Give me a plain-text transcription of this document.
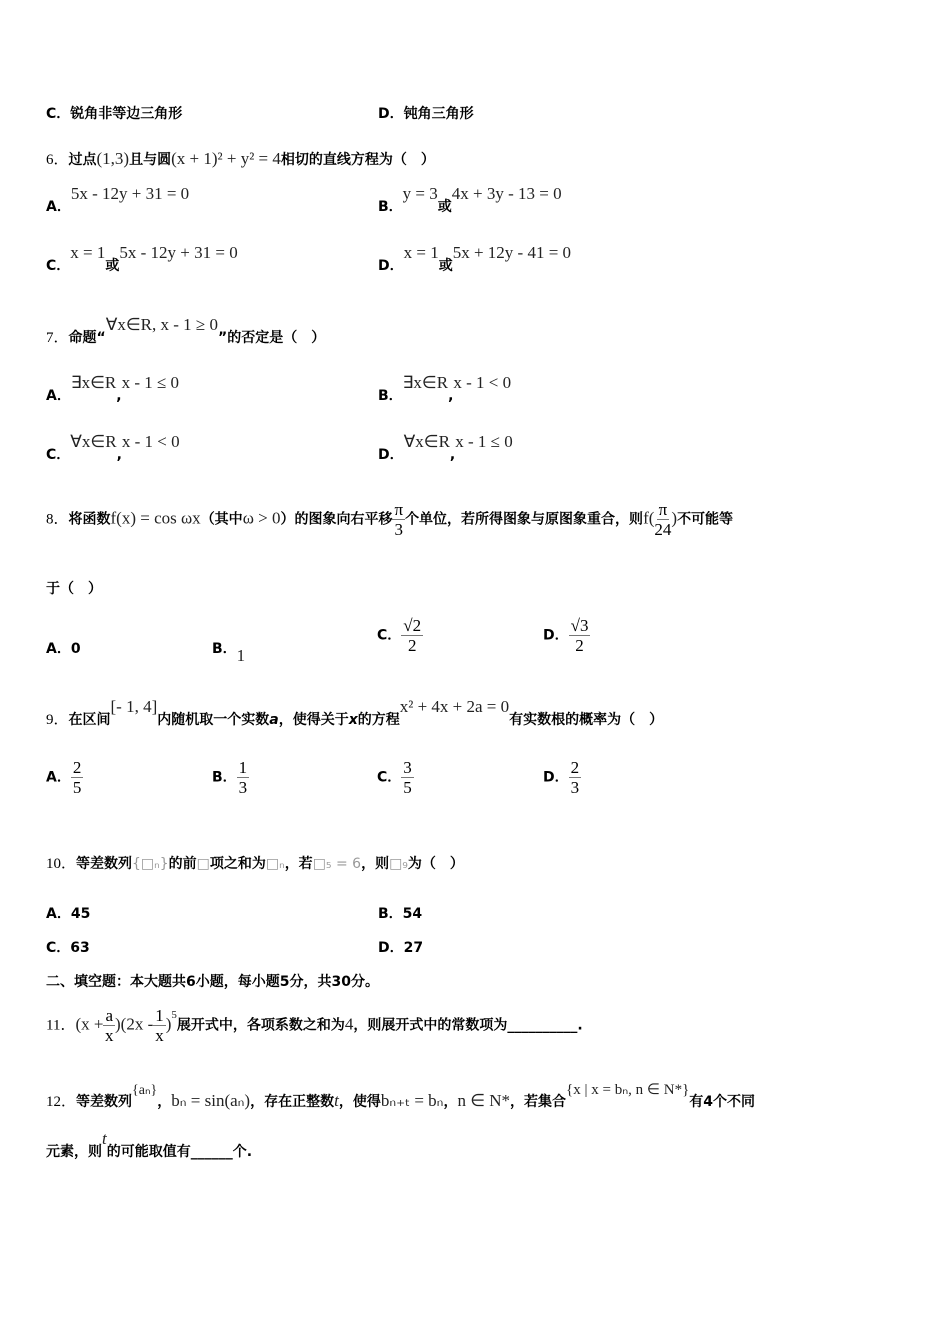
C．锐角非等边三角形	D．钝角三角形
6．过点(1,3)且与圆(x + 1)² + y² = 4相切的直线方程为（　）
A．5x - 12y + 31 = 0
B．y = 3或4x + 3y - 13 = 0
C．x = 1或5x - 12y + 31 = 0
D．x = 1或5x + 12y - 41 = 0
7．命题“∀x∈R, x - 1 ≥ 0”的否定是（　）
A．∃x∈R,x - 1 ≤ 0
B．∃x∈R,x - 1 < 0
C．∀x∈R,x - 1 < 0
D．∀x∈R,x - 1 ≤ 0
8．将函数f(x) = cos ωx（其中ω > 0）的图象向右平移 $\frac{\pi}{3}$ 个单位，若所得图象与原图象重合，则$f( \frac{\pi}{24}$ )不可能等
于（　）
A．0	B．1
C． $\frac{√2}{2}$	D． $\frac{√3}{2}$
9．在区间[- 1, 4]内随机取一个实数a，使得关于x的方程x² + 4x + 2a = 0有实数根的概率为（　）
A． $\frac{2}{5}$	B． $\frac{1}{3}$	C． $\frac{3}{5}$	D． $\frac{2}{3}$
10．等差数列{□ₙ}的前□项之和为□ₙ，若□₅ = 6，则□₉为（　）
A．45	B．54
C．63	D．27
二、填空题：本大题共6小题，每小题5分，共30分。
11．$(x + \frac{a}{x} )(2x - \frac{1}{x} )^5$展开式中，各项系数之和为4，则展开式中的常数项为__________.
12．等差数列{aₙ}，bₙ = sin(aₙ)，存在正整数t，使得bₙ₊ₜ = bₙ，n ∈ N*，若集合{x | x = bₙ, n ∈ N*}有4个不同
元素，则t的可能取值有______个.
